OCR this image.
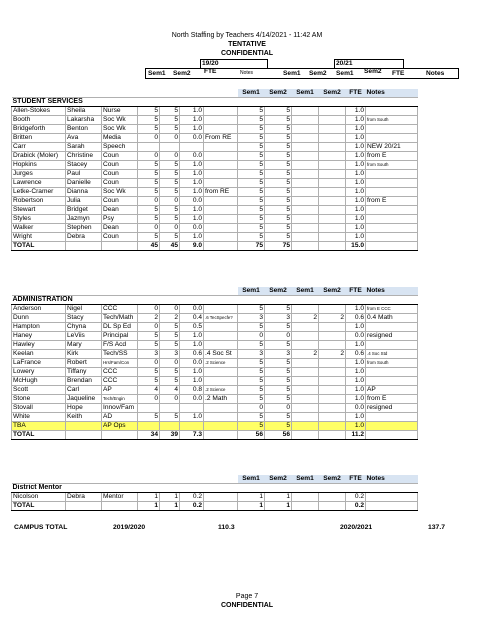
North Staffing by Teachers 4/14/2021 - 11:42 AM
TENTATIVE
CONFIDENTIAL
19/20	20/21
Sem1 Sem2 FTE	Notes	Sem1 Sem2 Sem1 Sem2 FTE	Notes
							Sem1	Sem2	Sem1	Sem2	FTE	Notes
STUDENT SERVICES												
Allen-Stokes	Sheila	Nurse	5	5	1.0		5	5			1.0	
Booth	Lakarsha	Soc Wk	5	5	1.0		5	5			1.0	from South
Bridgeforth	Benton	Soc Wk	5	5	1.0		5	5			1.0	
Britten	Ava	Media	0	0	0.0	From RE	5	5			1.0	
Carr	Sarah	Speech					5	5			1.0	NEW 20/21
Drabick (Moler)	Christine	Coun	0	0	0.0		5	5			1.0	from E
Hopkins	Stacey	Coun	5	5	1.0		5	5			1.0	from South
Jurges	Paul	Coun	5	5	1.0		5	5			1.0	
Lawrence	Danielle	Coun	5	5	1.0		5	5			1.0	
Letke-Cramer	Dianna	Soc Wk	5	5	1.0	from RE	5	5			1.0	
Robertson	Julia	Coun	0	0	0.0		5	5			1.0	from E
Stewart	Bridget	Dean	5	5	1.0		5	5			1.0	
Styles	Jazmyn	Psy	5	5	1.0		5	5			1.0	
Walker	Stephen	Dean	0	0	0.0		5	5			1.0	
Wright	Debra	Coun	5	5	1.0		5	5			1.0	
TOTAL			45	45	9.0		75	75			15.0	
							Sem1	Sem2	Sem1	Sem2	FTE	Notes
ADMINISTRATION												
Anderson	Nigel	CCC	0	0	0.0		5	5			1.0	from E CCC
Dunn	Stacy	Tech/Math	2	2	0.4	.6 TecSpecfe?	3	3	2	2	0.6	0.4 Math
Hampton	Chyna	DL Sp Ed	0	5	0.5		5	5			1.0	
Haney	LeViis	Principal	5	5	1.0		0	0			0.0	resigned
Hawley	Mary	F/S Acd	5	5	1.0		5	5			1.0	
Keelan	Kirk	Tech/SS	3	3	0.6	.4 Soc St	3	3	2	2	0.6	.4 Soc Std
LaFrance	Robert	Hrs/Fam/Con	0	0	0.0	.2 Science	5	5			1.0	from South
Lowery	Tiffany	CCC	5	5	1.0		5	5			1.0	
McHugh	Brendan	CCC	5	5	1.0		5	5			1.0	
Scott	Carl	AP	4	4	0.8	.2 Science	5	5			1.0	AP
Stone	Jaqueline	Tech/Engin	0	0	0.0	.2 Math	5	5			1.0	from E
Stovall	Hope	Innov/Fam					0	0			0.0	resigned
White	Keith	AD	5	5	1.0		5	5			1.0	
TBA		AP Ops					5	5			1.0	
TOTAL			34	39	7.3		56	56			11.2	
							Sem1	Sem2	Sem1	Sem2	FTE	Notes
District Mentor												
Nicolson	Debra	Mentor	1	1	0.2		1	1			0.2	
TOTAL			1	1	0.2		1	1			0.2	
CAMPUS TOTAL	2019/2020	110.3	2020/2021	137.7
Page 7
CONFIDENTIAL
